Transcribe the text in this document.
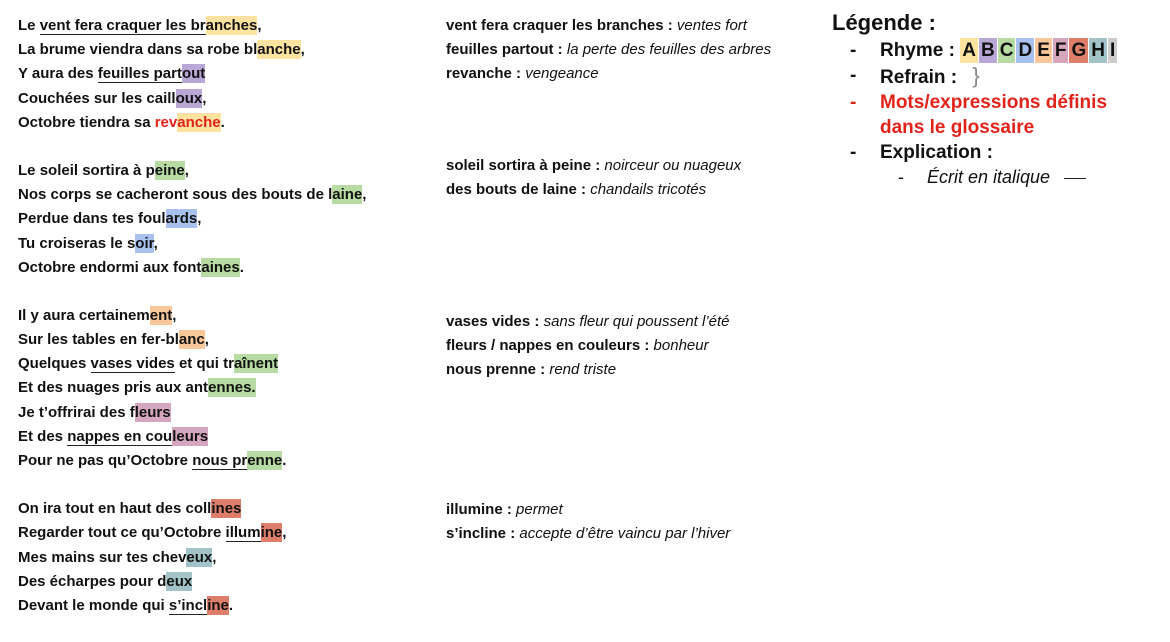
Le vent fera craquer les branches,
La brume viendra dans sa robe blanche,
Y aura des feuilles partout
Couchées sur les cailloux,
Octobre tiendra sa revanche.
Le soleil sortira à peine,
Nos corps se cacheront sous des bouts de laine,
Perdue dans tes foulards,
Tu croiseras le soir,
Octobre endormi aux fontaines.
Il y aura certainement,
Sur les tables en fer-blanc,
Quelques vases vides et qui traînent
Et des nuages pris aux antennes.
Je t’offrirai des fleurs
Et des nappes en couleurs
Pour ne pas qu’Octobre nous prenne.
On ira tout en haut des collines
Regarder tout ce qu’Octobre illumine,
Mes mains sur tes cheveux,
Des écharpes pour deux
Devant le monde qui s’incline.
vent fera craquer les branches : ventes fort
feuilles partout : la perte des feuilles des arbres
revanche : vengeance
soleil sortira à peine : noirceur ou nuageux
des bouts de laine : chandails tricotés
vases vides : sans fleur qui poussent l’été
fleurs / nappes en couleurs : bonheur
nous prenne : rend triste
illumine : permet
s’incline : accepte d’être vaincu par l’hiver
Légende :
- Rhyme : A B C D E F G H I
- Refrain : }
- Mots/expressions définis
dans le glossaire
- Explication :
- Écrit en italique
